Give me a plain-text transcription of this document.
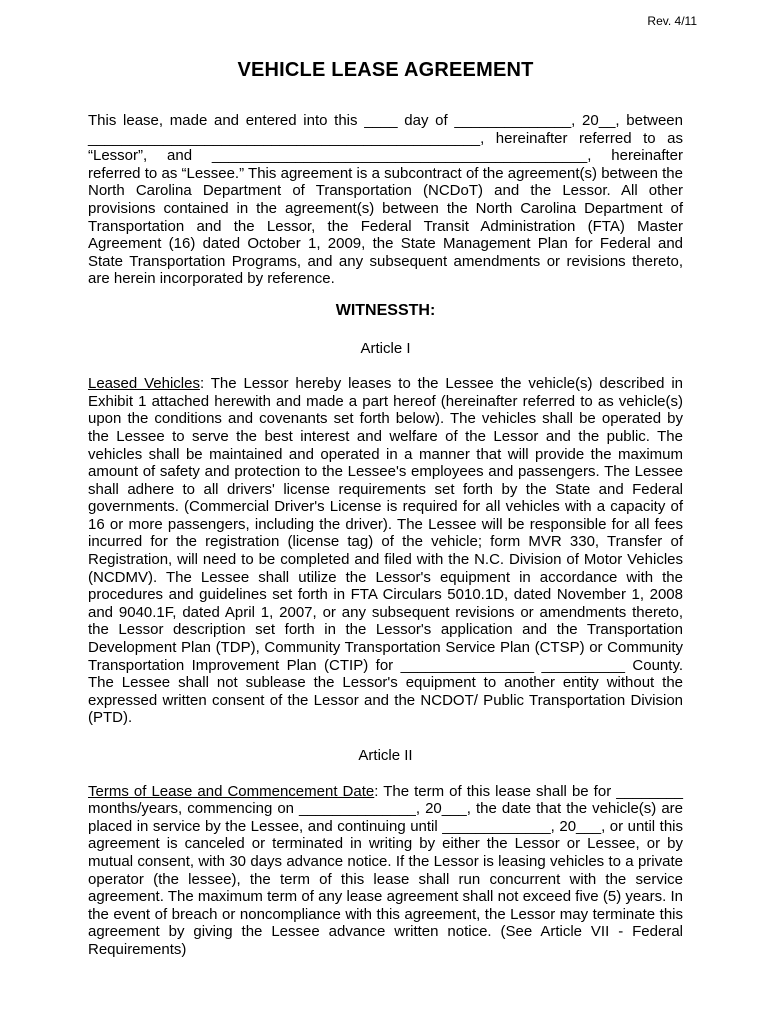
Rev. 4/11
VEHICLE LEASE AGREEMENT
This lease, made and entered into this ____ day of ______________, 20__, between _______________________________________________, hereinafter referred to as “Lessor”, and _____________________________________________, hereinafter referred to as “Lessee.” This agreement is a subcontract of the agreement(s) between the North Carolina Department of Transportation (NCDoT) and the Lessor. All other provisions contained in the agreement(s) between the North Carolina Department of Transportation and the Lessor, the Federal Transit Administration (FTA) Master Agreement (16) dated October 1, 2009, the State Management Plan for Federal and State Transportation Programs, and any subsequent amendments or revisions thereto, are herein incorporated by reference.
WITNESSTH:
Article I
Leased Vehicles: The Lessor hereby leases to the Lessee the vehicle(s) described in Exhibit 1 attached herewith and made a part hereof (hereinafter referred to as vehicle(s) upon the conditions and covenants set forth below). The vehicles shall be operated by the Lessee to serve the best interest and welfare of the Lessor and the public. The vehicles shall be maintained and operated in a manner that will provide the maximum amount of safety and protection to the Lessee's employees and passengers. The Lessee shall adhere to all drivers' license requirements set forth by the State and Federal governments. (Commercial Driver's License is required for all vehicles with a capacity of 16 or more passengers, including the driver). The Lessee will be responsible for all fees incurred for the registration (license tag) of the vehicle; form MVR 330, Transfer of Registration, will need to be completed and filed with the N.C. Division of Motor Vehicles (NCDMV). The Lessee shall utilize the Lessor's equipment in accordance with the procedures and guidelines set forth in FTA Circulars 5010.1D, dated November 1, 2008 and 9040.1F, dated April 1, 2007, or any subsequent revisions or amendments thereto, the Lessor description set forth in the Lessor's application and the Transportation Development Plan (TDP), Community Transportation Service Plan (CTSP) or Community Transportation Improvement Plan (CTIP) for ________________ __________ County. The Lessee shall not sublease the Lessor's equipment to another entity without the expressed written consent of the Lessor and the NCDOT/ Public Transportation Division (PTD).
Article II
Terms of Lease and Commencement Date: The term of this lease shall be for ________ months/years, commencing on ______________, 20___, the date that the vehicle(s) are placed in service by the Lessee, and continuing until _____________, 20___, or until this agreement is canceled or terminated in writing by either the Lessor or Lessee, or by mutual consent, with 30 days advance notice. If the Lessor is leasing vehicles to a private operator (the lessee), the term of this lease shall run concurrent with the service agreement. The maximum term of any lease agreement shall not exceed five (5) years. In the event of breach or noncompliance with this agreement, the Lessor may terminate this agreement by giving the Lessee advance written notice. (See Article VII - Federal Requirements)
